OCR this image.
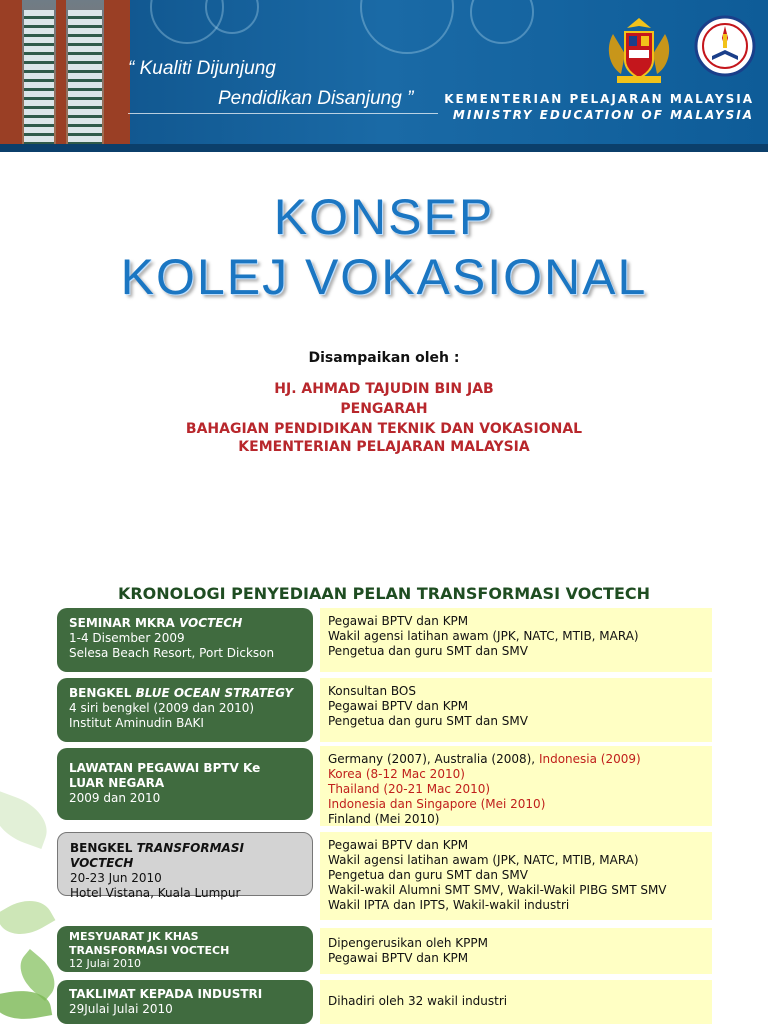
“ Kualiti Dijunjung
Pendidikan Disanjung ”	KEMENTERIAN PELAJARAN MALAYSIA
MINISTRY EDUCATION OF MALAYSIA
KONSEP
KOLEJ VOKASIONAL
Disampaikan oleh :
HJ. AHMAD TAJUDIN BIN JAB
PENGARAH
BAHAGIAN PENDIDIKAN TEKNIK DAN VOKASIONAL
KEMENTERIAN PELAJARAN MALAYSIA
KRONOLOGI PENYEDIAAN PELAN TRANSFORMASI VOCTECH
SEMINAR MKRA VOCTECH
1-4 Disember 2009
Selesa Beach Resort, Port Dickson
Pegawai BPTV dan KPM
Wakil agensi latihan awam (JPK, NATC, MTIB, MARA)
Pengetua dan guru SMT dan SMV
BENGKEL BLUE OCEAN STRATEGY
4 siri bengkel (2009 dan 2010)
Institut Aminudin BAKI
Konsultan BOS
Pegawai BPTV dan KPM
Pengetua dan guru SMT dan SMV
LAWATAN PEGAWAI BPTV Ke
LUAR NEGARA
2009 dan 2010
Germany (2007), Australia (2008), Indonesia (2009)
Korea (8-12 Mac 2010)
Thailand (20-21 Mac 2010)
Indonesia dan Singapore (Mei 2010)
Finland (Mei 2010)
BENGKEL TRANSFORMASI VOCTECH
20-23 Jun 2010
Hotel Vistana, Kuala Lumpur
Pegawai BPTV dan KPM
Wakil agensi latihan awam (JPK, NATC, MTIB, MARA)
Pengetua dan guru SMT dan SMV
Wakil-wakil Alumni SMT SMV, Wakil-Wakil PIBG SMT SMV
Wakil IPTA dan IPTS, Wakil-wakil industri
MESYUARAT JK KHAS
TRANSFORMASI VOCTECH
12 Julai 2010
Dipengerusikan oleh KPPM
Pegawai BPTV dan KPM
TAKLIMAT KEPADA INDUSTRI
29Julai Julai 2010
Dihadiri oleh 32 wakil industri
